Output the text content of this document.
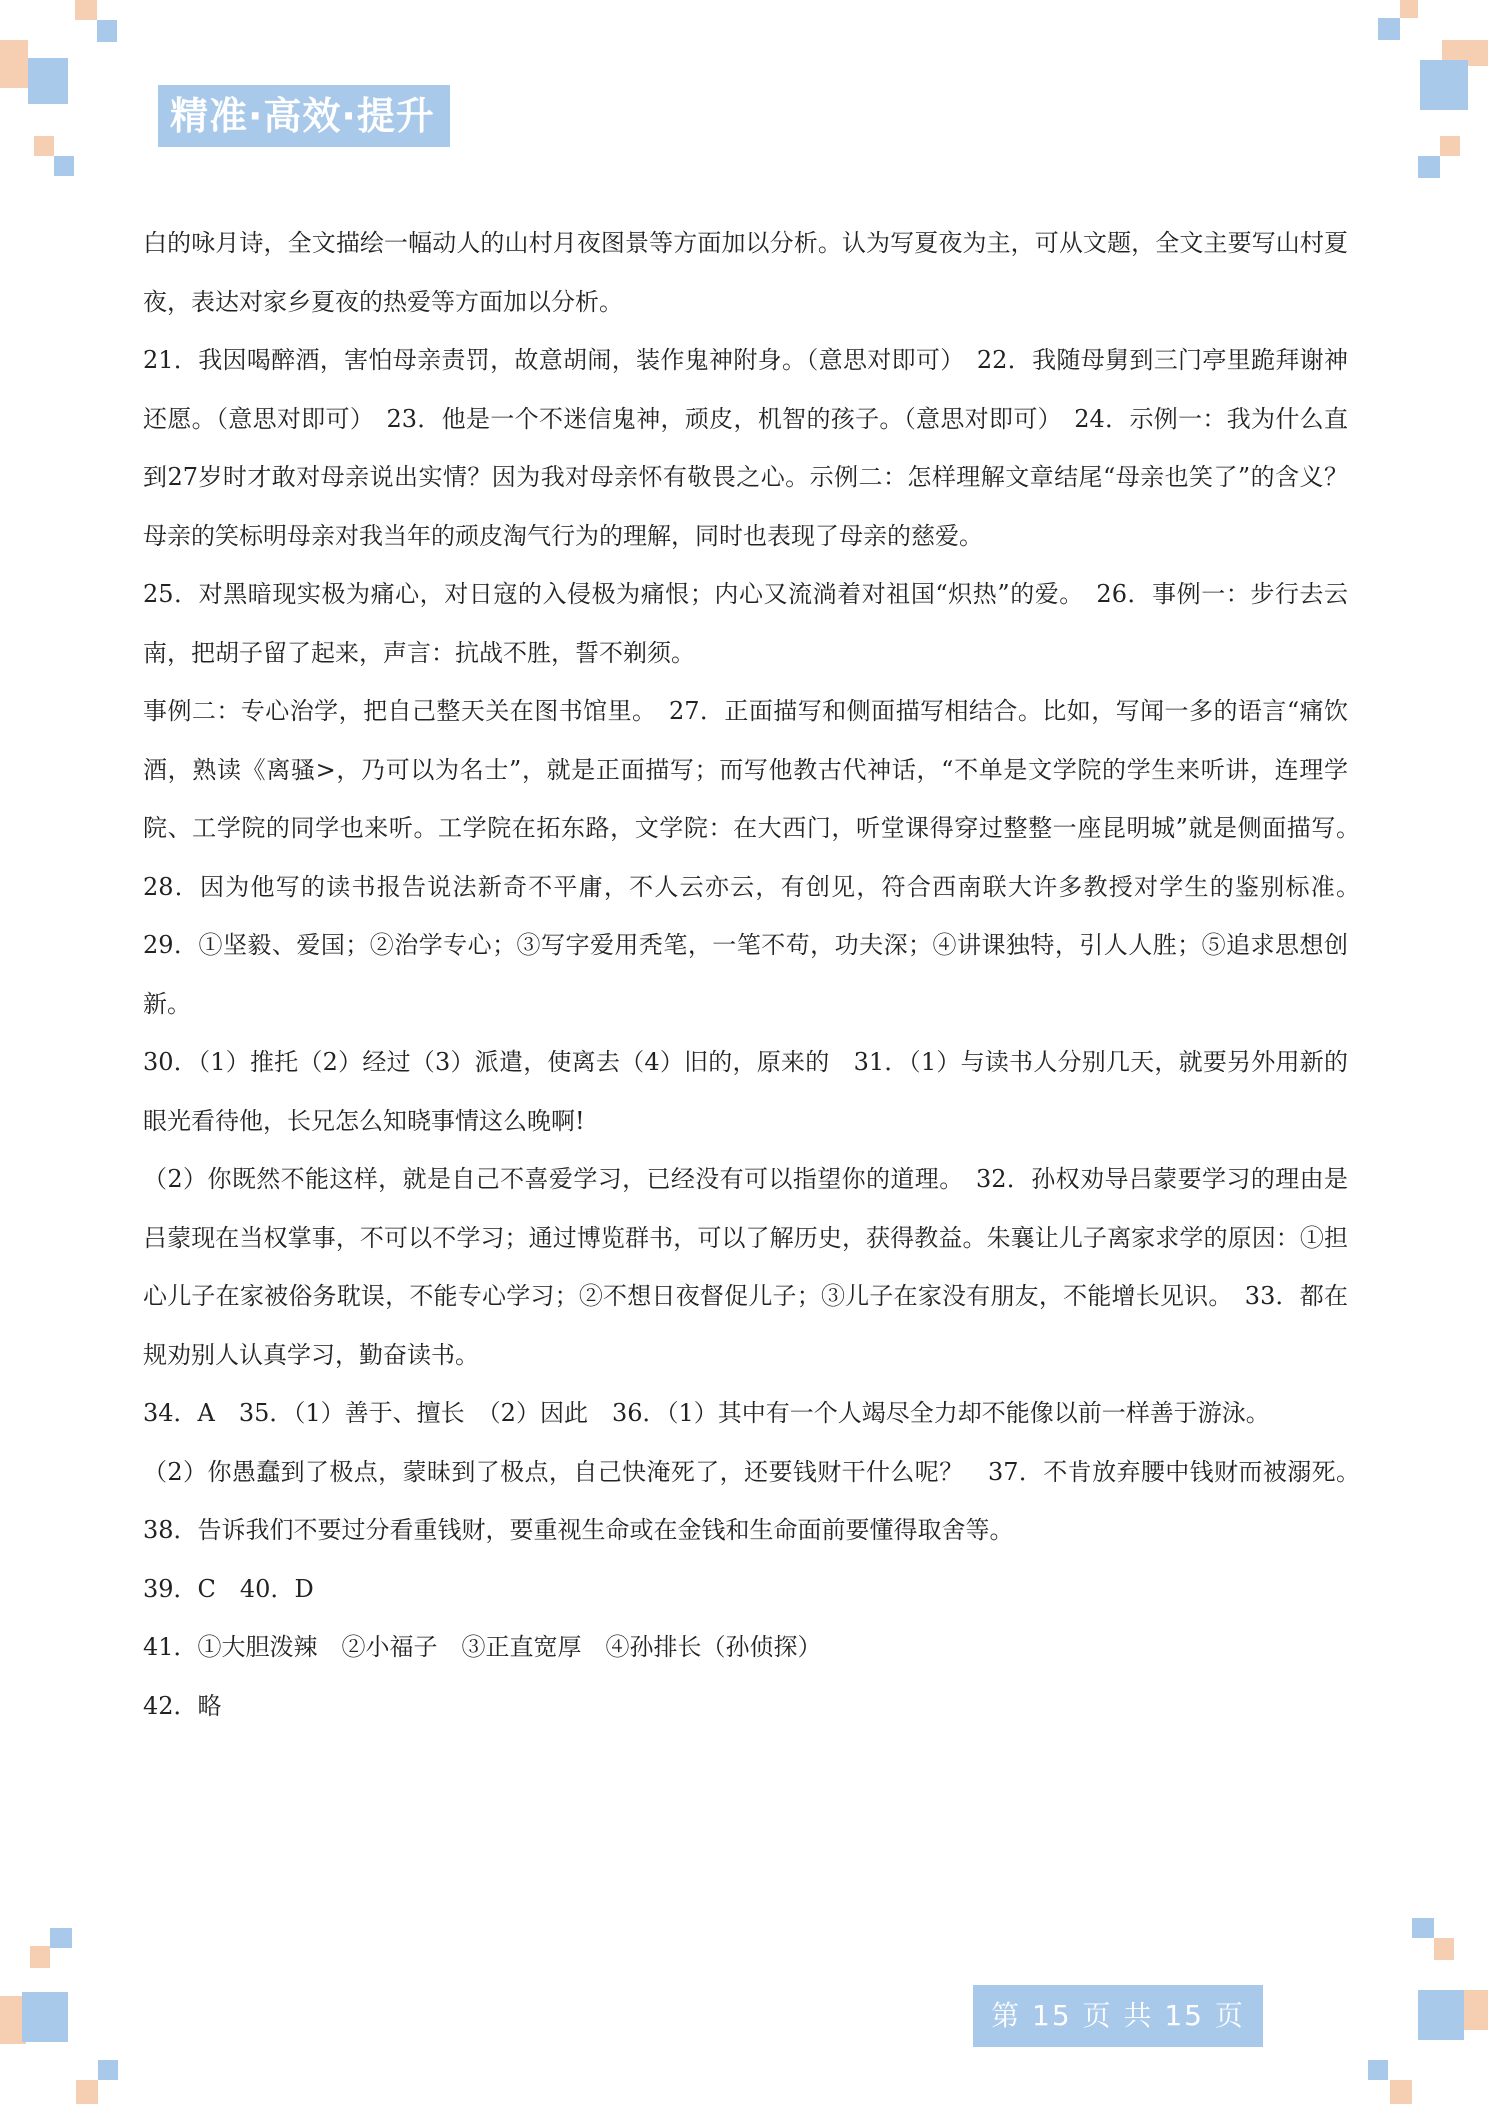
精准·高效·提升

白的咏月诗，全文描绘一幅动人的山村月夜图景等方面加以分析。认为写夏夜为主，可从文题，全文主要写山村夏夜，表达对家乡夏夜的热爱等方面加以分析。

21．我因喝醉酒，害怕母亲责罚，故意胡闹，装作鬼神附身。（意思对即可）　22．我随母舅到三门亭里跪拜谢神还愿。（意思对即可）　23．他是一个不迷信鬼神，顽皮，机智的孩子。（意思对即可）　24．示例一：我为什么直到27岁时才敢对母亲说出实情？因为我对母亲怀有敬畏之心。示例二：怎样理解文章结尾“母亲也笑了”的含义？母亲的笑标明母亲对我当年的顽皮淘气行为的理解，同时也表现了母亲的慈爱。

25．对黑暗现实极为痛心，对日寇的入侵极为痛恨；内心又流淌着对祖国“炽热”的爱。　26．事例一：步行去云南，把胡子留了起来，声言：抗战不胜，誓不剃须。

事例二：专心治学，把自己整天关在图书馆里。　27．正面描写和侧面描写相结合。比如，写闻一多的语言“痛饮酒，熟读《离骚>，乃可以为名士”，就是正面描写；而写他教古代神话，“不单是文学院的学生来听讲，连理学院、工学院的同学也来听。工学院在拓东路，文学院：在大西门，听堂课得穿过整整一座昆明城”就是侧面描写。　28．因为他写的读书报告说法新奇不平庸，不人云亦云，有创见，符合西南联大许多教授对学生的鉴别标准。　29．①坚毅、爱国；②治学专心；③写字爱用秃笔，一笔不苟，功夫深；④讲课独特，引人人胜；⑤追求思想创新。

30．（1）推托（2）经过（3）派遣，使离去（4）旧的，原来的　31．（1）与读书人分别几天，就要另外用新的眼光看待他，长兄怎么知晓事情这么晚啊!

（2）你既然不能这样，就是自己不喜爱学习，已经没有可以指望你的道理。　32．孙权劝导吕蒙要学习的理由是吕蒙现在当权掌事，不可以不学习；通过博览群书，可以了解历史，获得教益。朱襄让儿子离家求学的原因：①担心儿子在家被俗务耽误，不能专心学习；②不想日夜督促儿子；③儿子在家没有朋友，不能增长见识。　33．都在规劝别人认真学习，勤奋读书。

34．A　35．（1）善于、擅长　（2）因此　36．（1）其中有一个人竭尽全力却不能像以前一样善于游泳。

（2）你愚蠢到了极点，蒙昧到了极点，自己快淹死了，还要钱财干什么呢？　37．不肯放弃腰中钱财而被溺死。　38．告诉我们不要过分看重钱财，要重视生命或在金钱和生命面前要懂得取舍等。

39．C　40．D

41．①大胆泼辣　②小福子　③正直宽厚　④孙排长（孙侦探）

42．略

第 15 页 共 15 页
